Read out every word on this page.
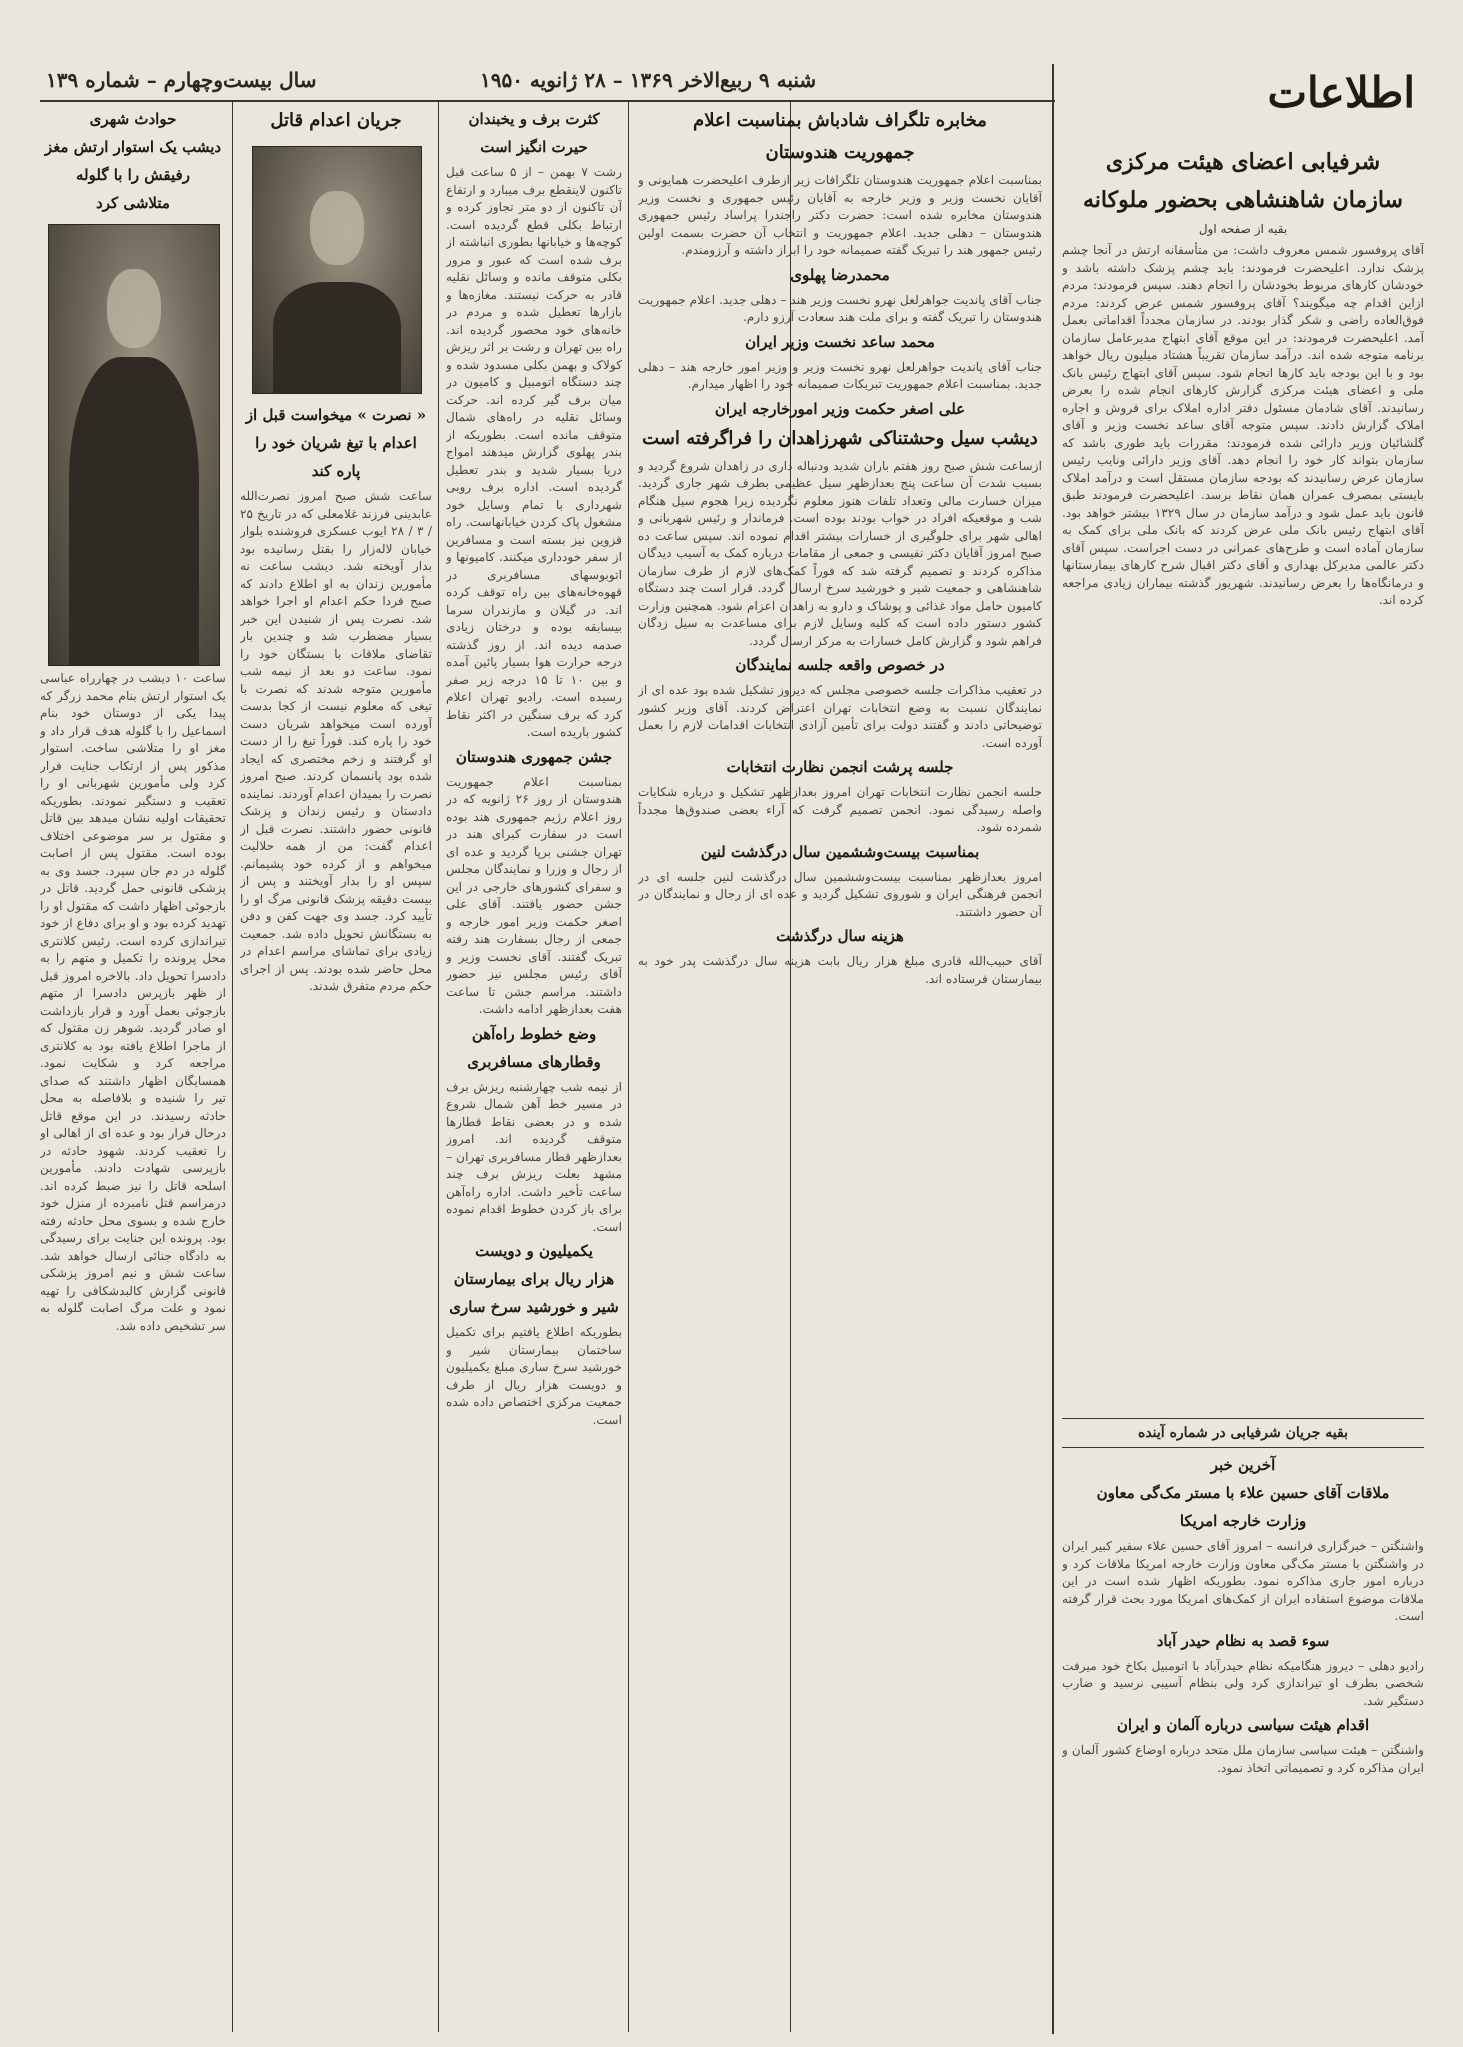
اطلاعات
شنبه ۹ ربیع‌الاخر ۱۳۶۹ – ۲۸ ژانویه ۱۹۵۰
سال بیست‌وچهارم – شماره ۱۳۹
شرفیابی اعضای هیئت مرکزی
سازمان شاهنشاهی بحضور ملوکانه
بقیه از صفحه اول
آقای پروفسور شمس معروف داشت: من متأسفانه ارتش در آنجا چشم پزشک ندارد. اعلیحضرت فرمودند: باید چشم پزشک داشته باشد و خودشان کارهای مربوط بخودشان را انجام دهند. سپس فرمودند: مردم ازاین اقدام چه میگویند؟ آقای پروفسور شمس عرض کردند: مردم فوق‌العاده راضی و شکر گذار بودند. در سازمان مجدداً اقداماتی بعمل آمد. اعلیحضرت فرمودند: در این موقع آقای ابتهاج مدیرعامل سازمان برنامه متوجه شده اند. درآمد سازمان تقریباً هشتاد میلیون ریال خواهد بود و با این بودجه باید کارها انجام شود. سپس آقای ابتهاج رئیس بانک ملی و اعضای هیئت مرکزی گزارش کارهای انجام شده را بعرض رسانیدند. آقای شادمان مسئول دفتر اداره املاک برای فروش و اجاره املاک گزارش دادند. سپس متوجه آقای ساعد نخست وزیر و آقای گلشائیان وزیر دارائی شده فرمودند: مقررات باید طوری باشد که سازمان بتواند کار خود را انجام دهد. آقای وزیر دارائی ونایب رئیس سازمان عرض رسانیدند که بودجه سازمان مستقل است و درآمد املاک بایستی بمصرف عمران همان نقاط برسد. اعلیحضرت فرمودند طبق قانون باید عمل شود و درآمد سازمان در سال ۱۳۲۹ بیشتر خواهد بود. آقای ابتهاج رئیس بانک ملی عرض کردند که بانک ملی برای کمک به سازمان آماده است و طرح‌های عمرانی در دست اجراست. سپس آقای دکتر عالمی مدیرکل بهداری و آقای دکتر اقبال شرح کارهای بیمارستانها و درمانگاه‌ها را بعرض رسانیدند. شهریور گذشته بیماران زیادی مراجعه کرده اند.
بقیه جریان شرفیابی در شماره آینده
آخرین خبر
ملاقات آقای حسین علاء با مستر مک‌گی معاون
وزارت خارجه امریکا
واشنگتن – خبرگزاری فرانسه – امروز آقای حسین علاء سفیر کبیر ایران در واشنگتن با مستر مک‌گی معاون وزارت خارجه امریکا ملاقات کرد و درباره امور جاری مذاکره نمود. بطوریکه اظهار شده است در این ملاقات موضوع استفاده ایران از کمک‌های امریکا مورد بحث قرار گرفته است.
سوء قصد به نظام حیدر آباد
رادیو دهلی – دیروز هنگامیکه نظام حیدرآباد با اتومبیل بکاخ خود میرفت شخصی بطرف او تیراندازی کرد ولی بنظام آسیبی نرسید و ضارب دستگیر شد.
اقدام هیئت سیاسی درباره آلمان و ایران
واشنگتن – هیئت سیاسی سازمان ملل متحد درباره اوضاع کشور آلمان و ایران مذاکره کرد و تصمیماتی اتخاذ نمود.
مخابره تلگراف شادباش بمناسبت اعلام
جمهوریت هندوستان
بمناسبت اعلام جمهوریت هندوستان تلگرافات زیر ازطرف اعلیحضرت همایونی و آقایان نخست وزیر و وزیر خارجه به آقایان رئیس جمهوری و نخست وزیر هندوستان مخابره شده است: حضرت دکتر راجندرا پراساد رئیس جمهوری هندوستان – دهلی جدید. اعلام جمهوریت و انتخاب آن حضرت بسمت اولین رئیس جمهور هند را تبریک گفته صمیمانه خود را ابراز داشته و آرزومندم.
محمدرضا پهلوی
جناب آقای پاندیت جواهرلعل نهرو نخست وزیر هند – دهلی جدید. اعلام جمهوریت هندوستان را تبریک گفته و برای ملت هند سعادت آرزو دارم.
محمد ساعد نخست وزیر ایران
جناب آقای پاندیت جواهرلعل نهرو نخست وزیر و وزیر امور خارجه هند – دهلی جدید. بمناسبت اعلام جمهوریت تبریکات صمیمانه خود را اظهار میدارم.
علی اصغر حکمت وزیر امورخارجه ایران
دیشب سیل وحشتناکی شهرزاهدان را فراگرفته است
ازساعت شش صبح روز هفتم باران شدید ودنباله داری در زاهدان شروع گردید و بسبب شدت آن ساعت پنج بعدازظهر سیل عظیمی بطرف شهر جاری گردید. میزان خسارت مالی وتعداد تلفات هنوز معلوم نگردیده زیرا هجوم سیل هنگام شب و موقعیکه افراد در خواب بودند بوده است. فرماندار و رئیس شهربانی و اهالی شهر برای جلوگیری از خسارات بیشتر اقدام نموده اند. سپس ساعت ده صبح امروز آقایان دکتر نفیسی و جمعی از مقامات درباره کمک به آسیب دیدگان مذاکره کردند و تصمیم گرفته شد که فوراً کمک‌های لازم از طرف سازمان شاهنشاهی و جمعیت شیر و خورشید سرخ ارسال گردد. قرار است چند دستگاه کامیون حامل مواد غذائی و پوشاک و دارو به زاهدان اعزام شود. همچنین وزارت کشور دستور داده است که کلیه وسایل لازم برای مساعدت به سیل زدگان فراهم شود و گزارش کامل خسارات به مرکز ارسال گردد.
در خصوص واقعه جلسه نمایندگان
در تعقیب مذاکرات جلسه خصوصی مجلس که دیروز تشکیل شده بود عده ای از نمایندگان نسبت به وضع انتخابات تهران اعتراض کردند. آقای وزیر کشور توضیحاتی دادند و گفتند دولت برای تأمین آزادی انتخابات اقدامات لازم را بعمل آورده است.
جلسه پرشت انجمن نظارت انتخابات
جلسه انجمن نظارت انتخابات تهران امروز بعدازظهر تشکیل و درباره شکایات واصله رسیدگی نمود. انجمن تصمیم گرفت که آراء بعضی صندوق‌ها مجدداً شمرده شود.
بمناسبت بیست‌وششمین سال درگذشت لنین
امروز بعدازظهر بمناسبت بیست‌وششمین سال درگذشت لنین جلسه ای در انجمن فرهنگی ایران و شوروی تشکیل گردید و عده ای از رجال و نمایندگان در آن حضور داشتند.
هزینه سال درگذشت
آقای حبیب‌الله قادری مبلغ هزار ریال بابت هزینه سال درگذشت پدر خود به بیمارستان فرستاده اند.
کثرت برف و یخبندان
حیرت انگیز است
رشت ۷ بهمن – از ۵ ساعت قبل تاکنون لاینقطع برف میبارد و ارتفاع آن تاکنون از دو متر تجاوز کرده و ارتباط بکلی قطع گردیده است. کوچه‌ها و خیابانها بطوری انباشته از برف شده است که عبور و مرور بکلی متوقف مانده و وسائل نقلیه قادر به حرکت نیستند. مغازه‌ها و بازارها تعطیل شده و مردم در خانه‌های خود محصور گردیده اند. راه بین تهران و رشت بر اثر ریزش کولاک و بهمن بکلی مسدود شده و چند دستگاه اتومبیل و کامیون در میان برف گیر کرده اند. حرکت وسائل نقلیه در راه‌های شمال متوقف مانده است. بطوریکه از بندر پهلوی گزارش میدهند امواج دریا بسیار شدید و بندر تعطیل گردیده است. اداره برف روبی شهرداری با تمام وسایل خود مشغول پاک کردن خیابانهاست. راه قزوین نیز بسته است و مسافرین از سفر خودداری میکنند. کامیونها و اتوبوسهای مسافربری در قهوه‌خانه‌های بین راه توقف کرده اند. در گیلان و مازندران سرما بیسابقه بوده و درختان زیادی صدمه دیده اند. از روز گذشته درجه حرارت هوا بسیار پائین آمده و بین ۱۰ تا ۱۵ درجه زیر صفر رسیده است. رادیو تهران اعلام کرد که برف سنگین در اکثر نقاط کشور باریده است.
جشن جمهوری هندوستان
بمناسبت اعلام جمهوریت هندوستان از روز ۲۶ ژانویه که در روز اعلام رژیم جمهوری هند بوده است در سفارت کبرای هند در تهران جشنی برپا گردید و عده ای از رجال و وزرا و نمایندگان مجلس و سفرای کشورهای خارجی در این جشن حضور یافتند. آقای علی اصغر حکمت وزیر امور خارجه و جمعی از رجال بسفارت هند رفته تبریک گفتند. آقای نخست وزیر و آقای رئیس مجلس نیز حضور داشتند. مراسم جشن تا ساعت هفت بعدازظهر ادامه داشت.
وضع خطوط راه‌آهن
وقطارهای مسافربری
از نیمه شب چهارشنبه ریزش برف در مسیر خط آهن شمال شروع شده و در بعضی نقاط قطارها متوقف گردیده اند. امروز بعدازظهر قطار مسافربری تهران – مشهد بعلت ریزش برف چند ساعت تأخیر داشت. اداره راه‌آهن برای باز کردن خطوط اقدام نموده است.
یکمیلیون و دویست
هزار ریال برای بیمارستان
شیر و خورشید سرخ ساری
بطوریکه اطلاع یافتیم برای تکمیل ساختمان بیمارستان شیر و خورشید سرخ ساری مبلغ یکمیلیون و دویست هزار ریال از طرف جمعیت مرکزی اختصاص داده شده است.
جریان اعدام قاتل
« نصرت » میخواست قبل از
اعدام با تیغ شریان خود را
پاره کند
ساعت شش صبح امروز نصرت‌الله عابدینی فرزند غلامعلی که در تاریخ ۲۵ / ۳ / ۲۸ ایوب عسکری فروشنده بلوار خیابان لاله‌زار را بقتل رسانیده بود بدار آویخته شد. دیشب ساعت نه مأمورین زندان به او اطلاع دادند که صبح فردا حکم اعدام او اجرا خواهد شد. نصرت پس از شنیدن این خبر بسیار مضطرب شد و چندین بار تقاضای ملاقات با بستگان خود را نمود. ساعت دو بعد از نیمه شب مأمورین متوجه شدند که نصرت با تیغی که معلوم نیست از کجا بدست آورده است میخواهد شریان دست خود را پاره کند. فوراً تیغ را از دست او گرفتند و زخم مختصری که ایجاد شده بود پانسمان کردند. صبح امروز نصرت را بمیدان اعدام آوردند. نماینده دادستان و رئیس زندان و پزشک قانونی حضور داشتند. نصرت قبل از اعدام گفت: من از همه حلالیت میخواهم و از کرده خود پشیمانم. سپس او را بدار آویختند و پس از بیست دقیقه پزشک قانونی مرگ او را تأیید کرد. جسد وی جهت کفن و دفن به بستگانش تحویل داده شد. جمعیت زیادی برای تماشای مراسم اعدام در محل حاضر شده بودند. پس از اجرای حکم مردم متفرق شدند.
حوادث شهری
دیشب یک استوار ارتش مغز
رفیقش را با گلوله
متلاشی کرد
ساعت ۱۰ دیشب در چهارراه عباسی یک استوار ارتش بنام محمد زرگر که پیدا یکی از دوستان خود بنام اسماعیل را با گلوله هدف قرار داد و مغز او را متلاشی ساخت. استوار مذکور پس از ارتکاب جنایت فرار کرد ولی مأمورین شهربانی او را تعقیب و دستگیر نمودند. بطوریکه تحقیقات اولیه نشان میدهد بین قاتل و مقتول بر سر موضوعی اختلاف بوده است. مقتول پس از اصابت گلوله در دم جان سپرد. جسد وی به پزشکی قانونی حمل گردید. قاتل در بازجوئی اظهار داشت که مقتول او را تهدید کرده بود و او برای دفاع از خود تیراندازی کرده است. رئیس کلانتری محل پرونده را تکمیل و متهم را به دادسرا تحویل داد. بالاخره امروز قبل از ظهر بازپرس دادسرا از متهم بازجوئی بعمل آورد و قرار بازداشت او صادر گردید. شوهر زن مقتول که از ماجرا اطلاع یافته بود به کلانتری مراجعه کرد و شکایت نمود. همسایگان اظهار داشتند که صدای تیر را شنیده و بلافاصله به محل حادثه رسیدند. در این موقع قاتل درحال فرار بود و عده ای از اهالی او را تعقیب کردند. شهود حادثه در بازپرسی شهادت دادند. مأمورین اسلحه قاتل را نیز ضبط کرده اند. درمراسم قتل نامبرده از منزل خود خارج شده و بسوی محل حادثه رفته بود. پرونده این جنایت برای رسیدگی به دادگاه جنائی ارسال خواهد شد. ساعت شش و نیم امروز پزشکی قانونی گزارش کالبدشکافی را تهیه نمود و علت مرگ اصابت گلوله به سر تشخیص داده شد.
